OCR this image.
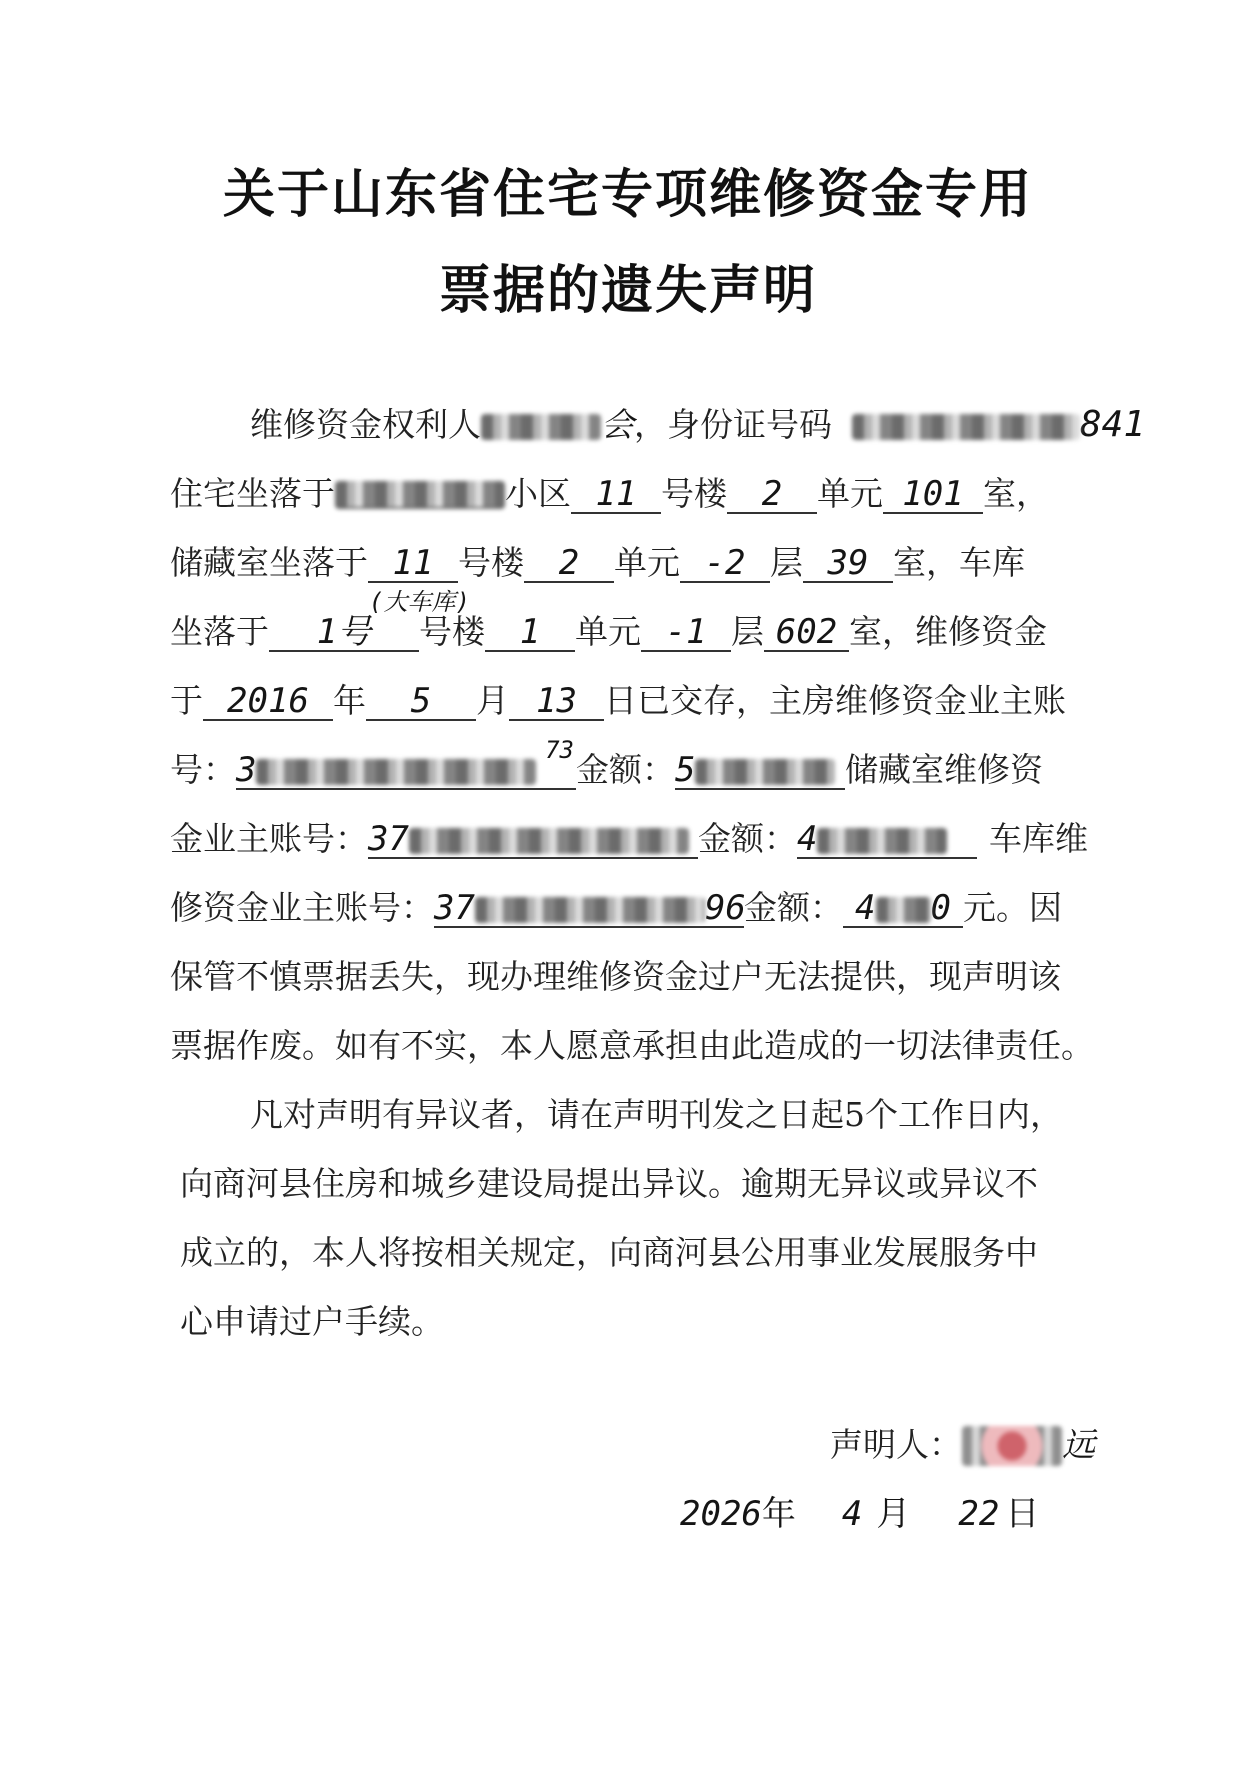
关于山东省住宅专项维修资金专用
票据的遗失声明
维修资金权利人	会，身份证号码	841
住宅坐落于	小区 11 号楼 2 单元 101 室，
储藏室坐落于 11 号楼 2 单元 -2 层 39 室，车库
坐落于 1号
(大车库)
号楼 1 单元 -1 层 602 室，维修资金
于 2016 年 5 月 13 日已交存，主房维修资金业主账
号：3	73 金额：5	储藏室维修资
金业主账号：37	金额：4	车库维
修资金业主账号：37	96金额： 4 0 元。因
保管不慎票据丢失，现办理维修资金过户无法提供，现声明该
票据作废。如有不实，本人愿意承担由此造成的一切法律责任。
凡对声明有异议者，请在声明刊发之日起5个工作日内，
向商河县住房和城乡建设局提出异议。逾期无异议或异议不
成立的，本人将按相关规定，向商河县公用事业发展服务中
心申请过户手续。
声明人：	远
2026年 4 月 22 日
